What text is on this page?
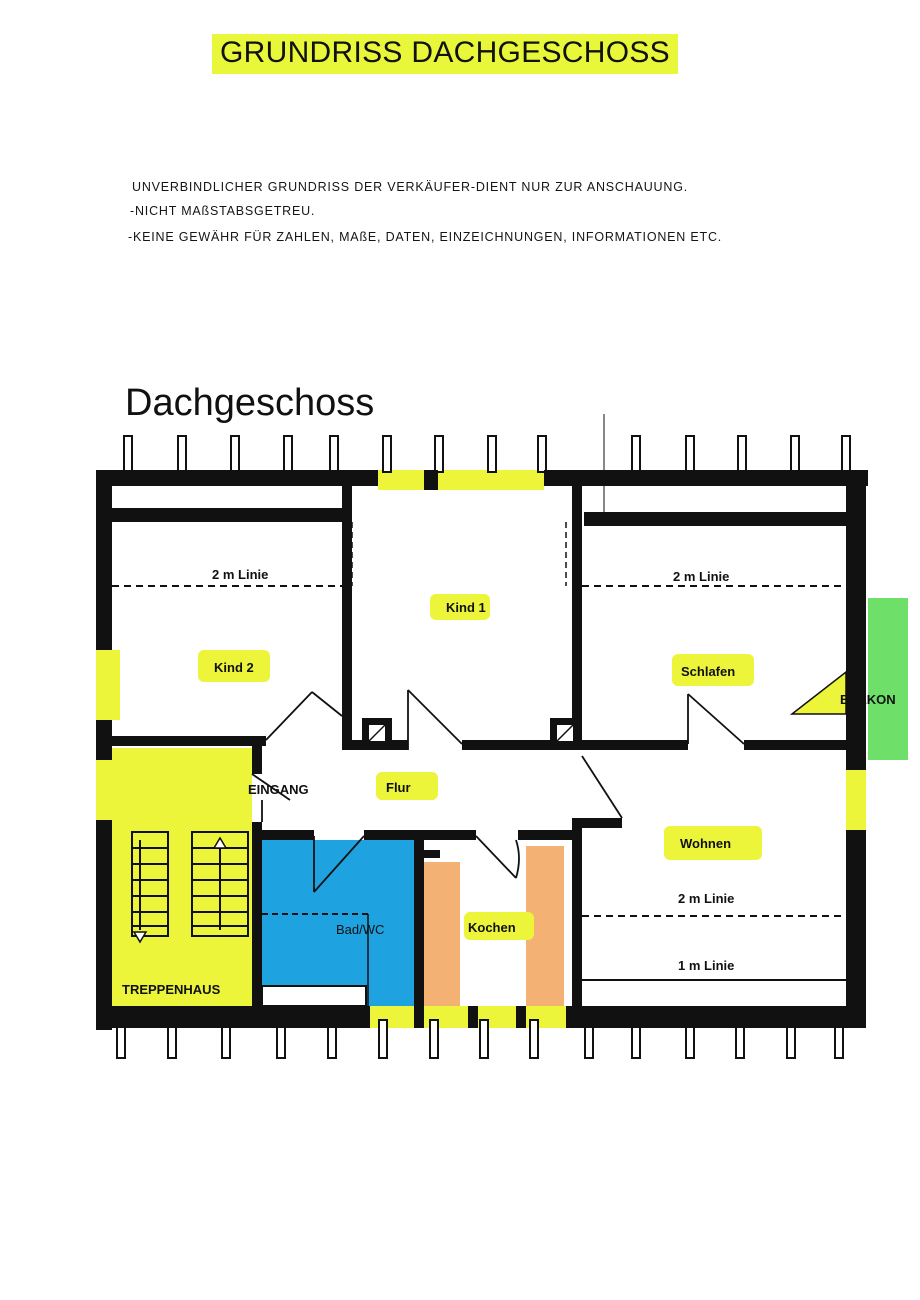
GRUNDRISS DACHGESCHOSS
UNVERBINDLICHER GRUNDRISS DER VERKÄUFER-DIENT NUR ZUR ANSCHAUUNG.
-NICHT MAßSTABSGETREU.
-KEINE GEWÄHR FÜR ZAHLEN, MAßE, DATEN, EINZEICHNUNGEN, INFORMATIONEN ETC.
Dachgeschoss
Kind 2
Kind 1
Schlafen
BALKON
EINGANG	Flur
Wohnen
Bad/WC	Kochen
TREPPENHAUS
2 m Linie	2 m Linie
2 m Linie
1 m Linie
